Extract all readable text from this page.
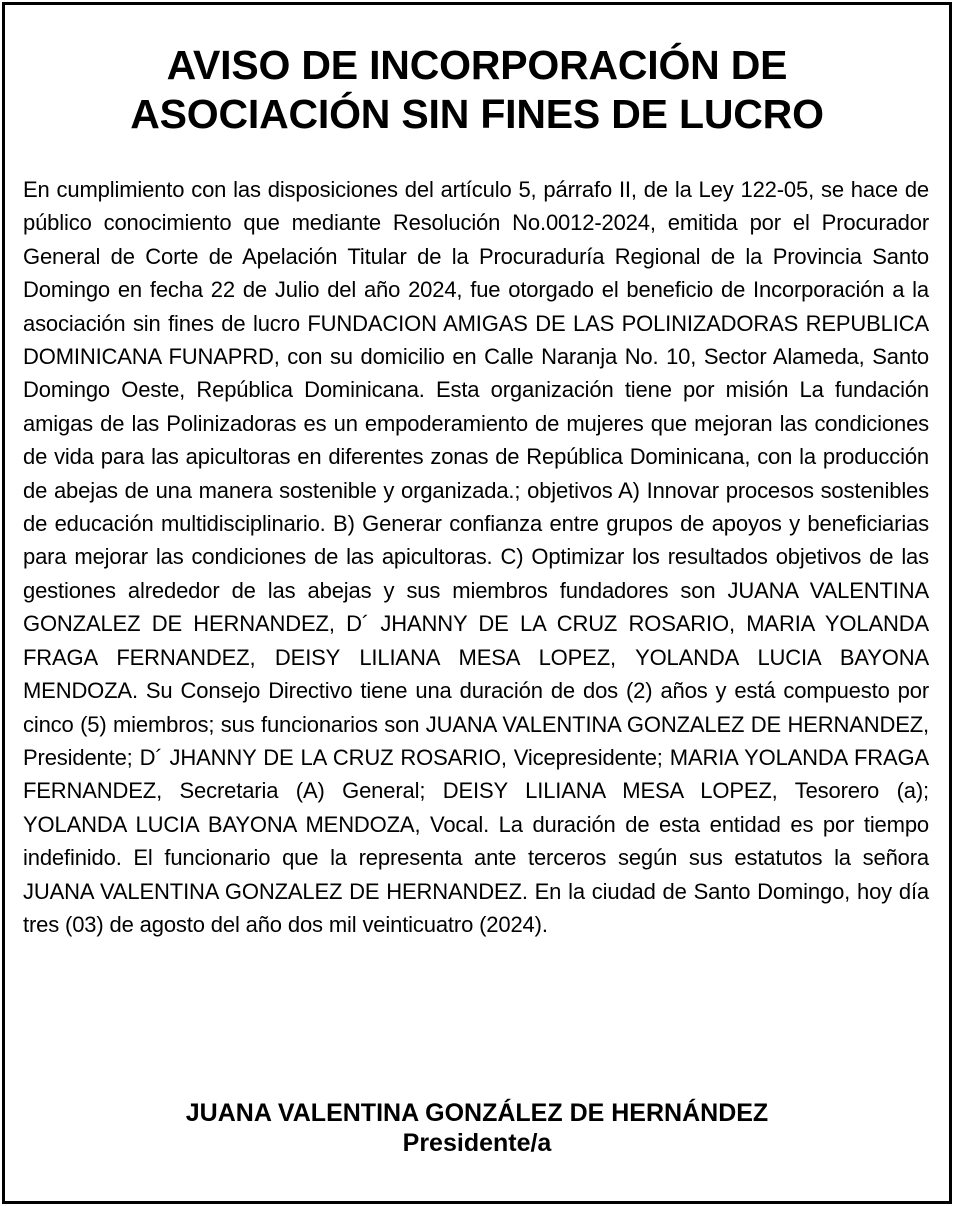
AVISO DE INCORPORACIÓN DE
ASOCIACIÓN SIN FINES DE LUCRO

En cumplimiento con las disposiciones del artículo 5, párrafo II, de la Ley 122-05, se hace de público conocimiento que mediante Resolución No.0012-2024, emitida por el Procurador General de Corte de Apelación Titular de la Procuraduría Regional de la Provincia Santo Domingo en fecha 22 de Julio del año 2024, fue otorgado el beneficio de Incorporación a la asociación sin fines de lucro FUNDACION AMIGAS DE LAS POLINIZADORAS REPUBLICA DOMINICANA FUNAPRD, con su domicilio en Calle Naranja No. 10, Sector Alameda, Santo Domingo Oeste, República Dominicana. Esta organización tiene por misión La fundación amigas de las Polinizadoras es un empoderamiento de mujeres que mejoran las condiciones de vida para las apicultoras en diferentes zonas de República Dominicana, con la producción de abejas de una manera sostenible y organizada.; objetivos A) Innovar procesos sostenibles de educación multidisciplinario. B) Generar confianza entre grupos de apoyos y beneficiarias para mejorar las condiciones de las apicultoras. C) Optimizar los resultados objetivos de las gestiones alrededor de las abejas y sus miembros fundadores son JUANA VALENTINA GONZALEZ DE HERNANDEZ, D´ JHANNY DE LA CRUZ ROSARIO, MARIA YOLANDA FRAGA FERNANDEZ, DEISY LILIANA MESA LOPEZ, YOLANDA LUCIA BAYONA MENDOZA. Su Consejo Directivo tiene una duración de dos (2) años y está compuesto por cinco (5) miembros; sus funcionarios son JUANA VALENTINA GONZALEZ DE HERNANDEZ, Presidente; D´ JHANNY DE LA CRUZ ROSARIO, Vicepresidente; MARIA YOLANDA FRAGA FERNANDEZ, Secretaria (A) General; DEISY LILIANA MESA LOPEZ, Tesorero (a); YOLANDA LUCIA BAYONA MENDOZA, Vocal. La duración de esta entidad es por tiempo indefinido. El funcionario que la representa ante terceros según sus estatutos la señora JUANA VALENTINA GONZALEZ DE HERNANDEZ. En la ciudad de Santo Domingo, hoy día tres (03) de agosto del año dos mil veinticuatro (2024).

JUANA VALENTINA GONZÁLEZ DE HERNÁNDEZ
Presidente/a
